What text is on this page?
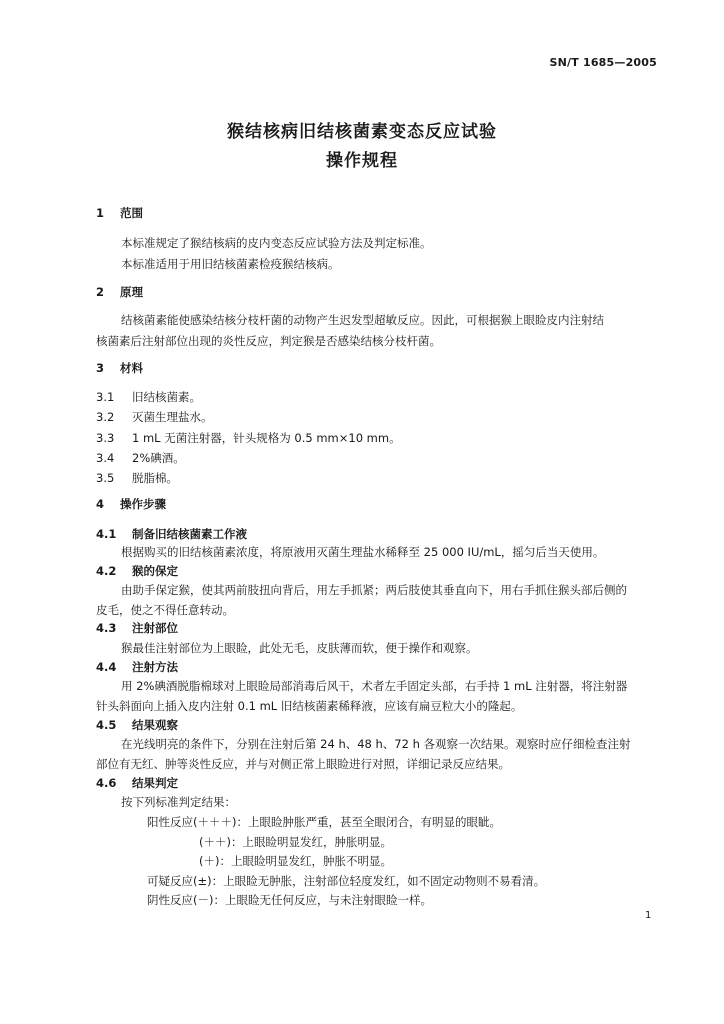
SN/T 1685—2005
猴结核病旧结核菌素变态反应试验
操作规程
1 范围
本标准规定了猴结核病的皮内变态反应试验方法及判定标准。
本标准适用于用旧结核菌素检疫猴结核病。
2 原理
结核菌素能使感染结核分枝杆菌的动物产生迟发型超敏反应。因此，可根据猴上眼睑皮内注射结
核菌素后注射部位出现的炎性反应，判定猴是否感染结核分枝杆菌。
3 材料
3.1 旧结核菌素。
3.2 灭菌生理盐水。
3.3 1 mL 无菌注射器，针头规格为 0.5 mm×10 mm。
3.4 2%碘酒。
3.5 脱脂棉。
4 操作步骤
4.1 制备旧结核菌素工作液
根据购买的旧结核菌素浓度，将原液用灭菌生理盐水稀释至 25 000 IU/mL，摇匀后当天使用。
4.2 猴的保定
由助手保定猴，使其两前肢扭向背后，用左手抓紧；两后肢使其垂直向下，用右手抓住猴头部后侧的
皮毛，使之不得任意转动。
4.3 注射部位
猴最佳注射部位为上眼睑，此处无毛，皮肤薄而软，便于操作和观察。
4.4 注射方法
用 2%碘酒脱脂棉球对上眼睑局部消毒后风干，术者左手固定头部，右手持 1 mL 注射器，将注射器
针头斜面向上插入皮内注射 0.1 mL 旧结核菌素稀释液，应该有扁豆粒大小的隆起。
4.5 结果观察
在光线明亮的条件下，分别在注射后第 24 h、48 h、72 h 各观察一次结果。观察时应仔细检查注射
部位有无红、肿等炎性反应，并与对侧正常上眼睑进行对照，详细记录反应结果。
4.6 结果判定
按下列标准判定结果：
阳性反应(＋＋＋)：上眼睑肿胀严重，甚至全眼闭合，有明显的眼眦。
(＋＋)：上眼睑明显发红，肿胀明显。
(＋)：上眼睑明显发红，肿胀不明显。
可疑反应(±)：上眼睑无肿胀，注射部位轻度发红，如不固定动物则不易看清。
阴性反应(－)：上眼睑无任何反应，与未注射眼睑一样。
1
